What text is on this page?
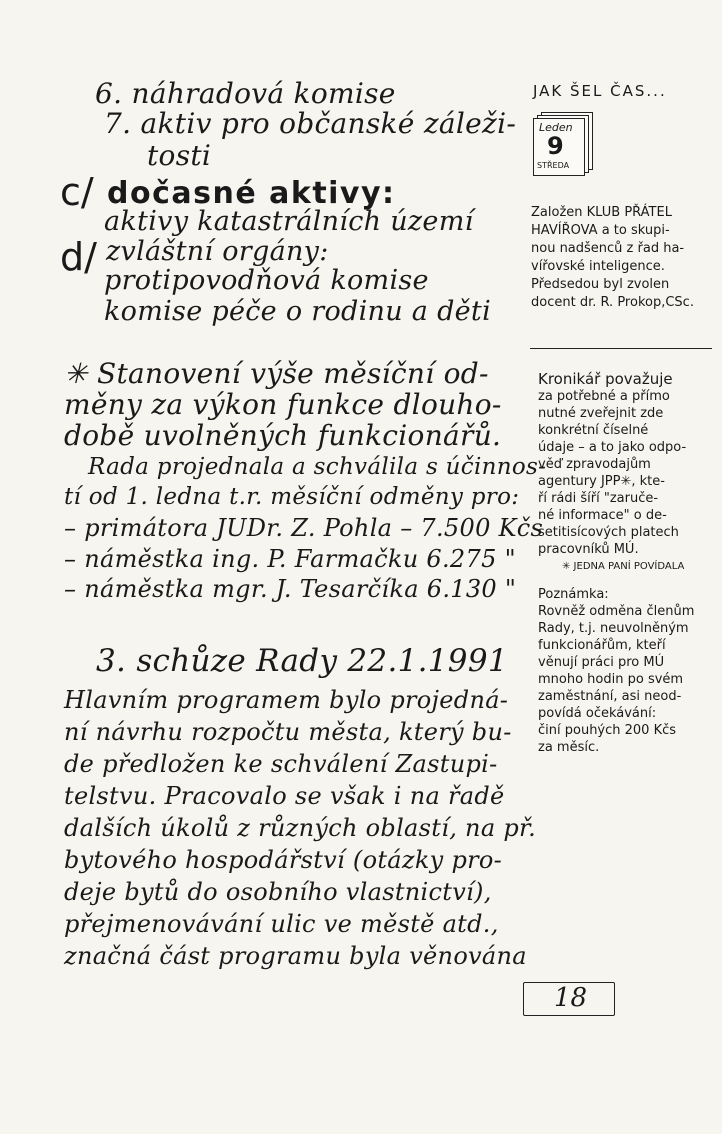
6. náhradová komise
7. aktiv pro občanské záleži-
tosti
c/ dočasné aktivy:
aktivy katastrálních území
d/ zvláštní orgány:
protipovodňová komise
komise péče o rodinu a děti
✳ Stanovení výše měsíční od-
měny za výkon funkce dlouho-
době uvolněných funkcionářů.
Rada projednala a schválila s účinnos-
tí od 1. ledna t.r. měsíční odměny pro:
– primátora JUDr. Z. Pohla – 7.500 Kčs
– náměstka ing. P. Farmačku 6.275 "
– náměstka mgr. J. Tesarčíka 6.130 "
3. schůze Rady 22.1.1991
Hlavním programem bylo projedná-
ní návrhu rozpočtu města, který bu-
de předložen ke schválení Zastupi-
telstvu. Pracovalo se však i na řadě
dalších úkolů z různých oblastí, na př.
bytového hospodářství (otázky pro-
deje bytů do osobního vlastnictví),
přejmenovávání ulic ve městě atd.,
značná část programu byla věnována
JAK ŠEL ČAS...
Leden
9
STŘEDA
Založen KLUB PŘÁTEL
HAVÍŘOVA a to skupi-
nou nadšenců z řad ha-
vířovské inteligence.
Předsedou byl zvolen
docent dr. R. Prokop,CSc.
Kronikář považuje
za potřebné a přímo
nutné zveřejnit zde
konkrétní číselné
údaje – a to jako odpo-
věď zpravodajům
agentury JPP✳, kte-
ří rádi šíří "zaruče-
né informace" o de-
setitisícových platech
pracovníků MÚ.
✳ JEDNA PANÍ POVÍDALA
Poznámka:
Rovněž odměna členům
Rady, t.j. neuvolněným
funkcionářům, kteří
věnují práci pro MÚ
mnoho hodin po svém
zaměstnání, asi neod-
povídá očekávání:
činí pouhých 200 Kčs
za měsíc.
18
